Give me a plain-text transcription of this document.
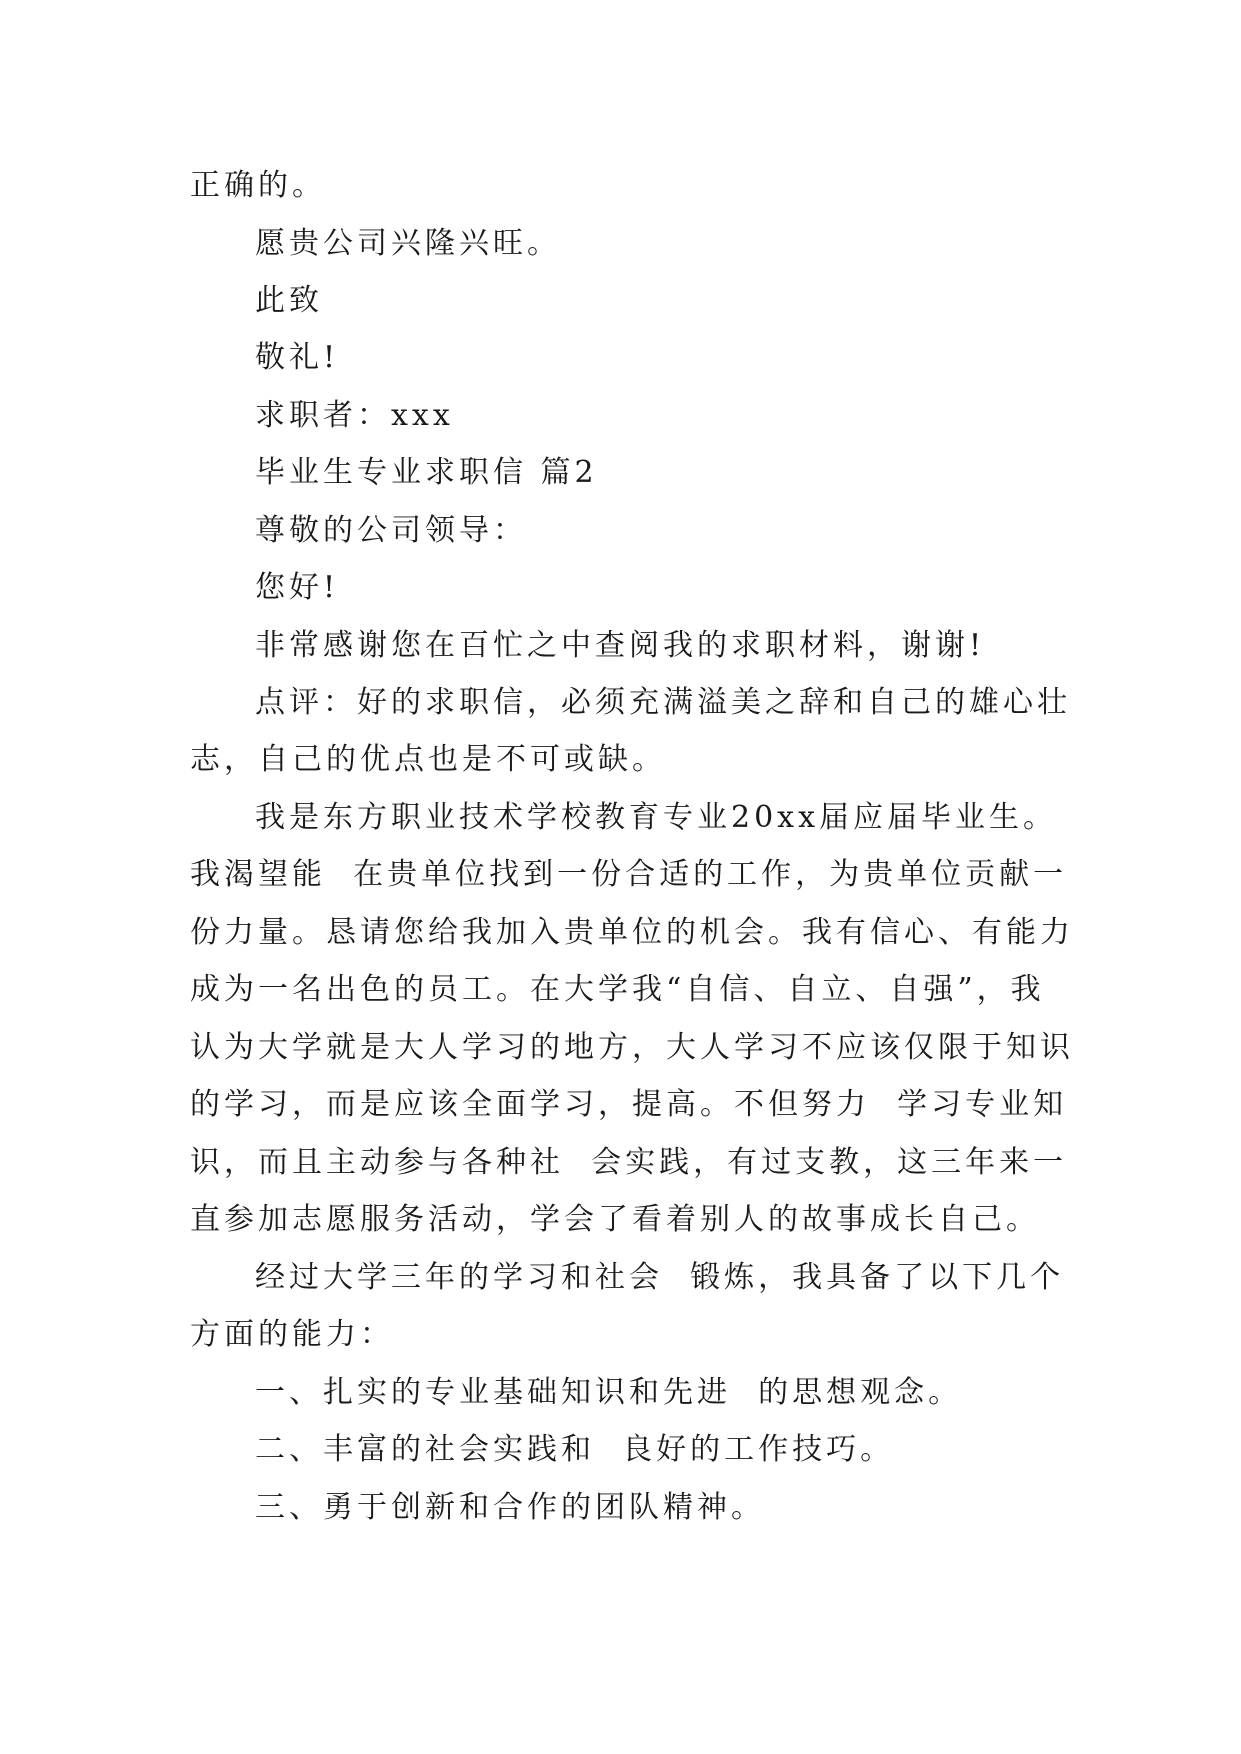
正确的。

愿贵公司兴隆兴旺。

此致

敬礼!

求职者：xxx

毕业生专业求职信 篇2

尊敬的公司领导：

您好!

非常感谢您在百忙之中查阅我的求职材料，谢谢!

点评：好的求职信，必须充满溢美之辞和自己的雄心壮

志，自己的优点也是不可或缺。

我是东方职业技术学校教育专业20xx届应届毕业生。

我渴望能  在贵单位找到一份合适的工作，为贵单位贡献一

份力量。恳请您给我加入贵单位的机会。我有信心、有能力

成为一名出色的员工。在大学我“自信、自立、自强”，我

认为大学就是大人学习的地方，大人学习不应该仅限于知识

的学习，而是应该全面学习，提高。不但努力  学习专业知

识，而且主动参与各种社  会实践，有过支教，这三年来一

直参加志愿服务活动，学会了看着别人的故事成长自己。

经过大学三年的学习和社会  锻炼，我具备了以下几个

方面的能力：

一、扎实的专业基础知识和先进  的思想观念。

二、丰富的社会实践和  良好的工作技巧。

三、勇于创新和合作的团队精神。
